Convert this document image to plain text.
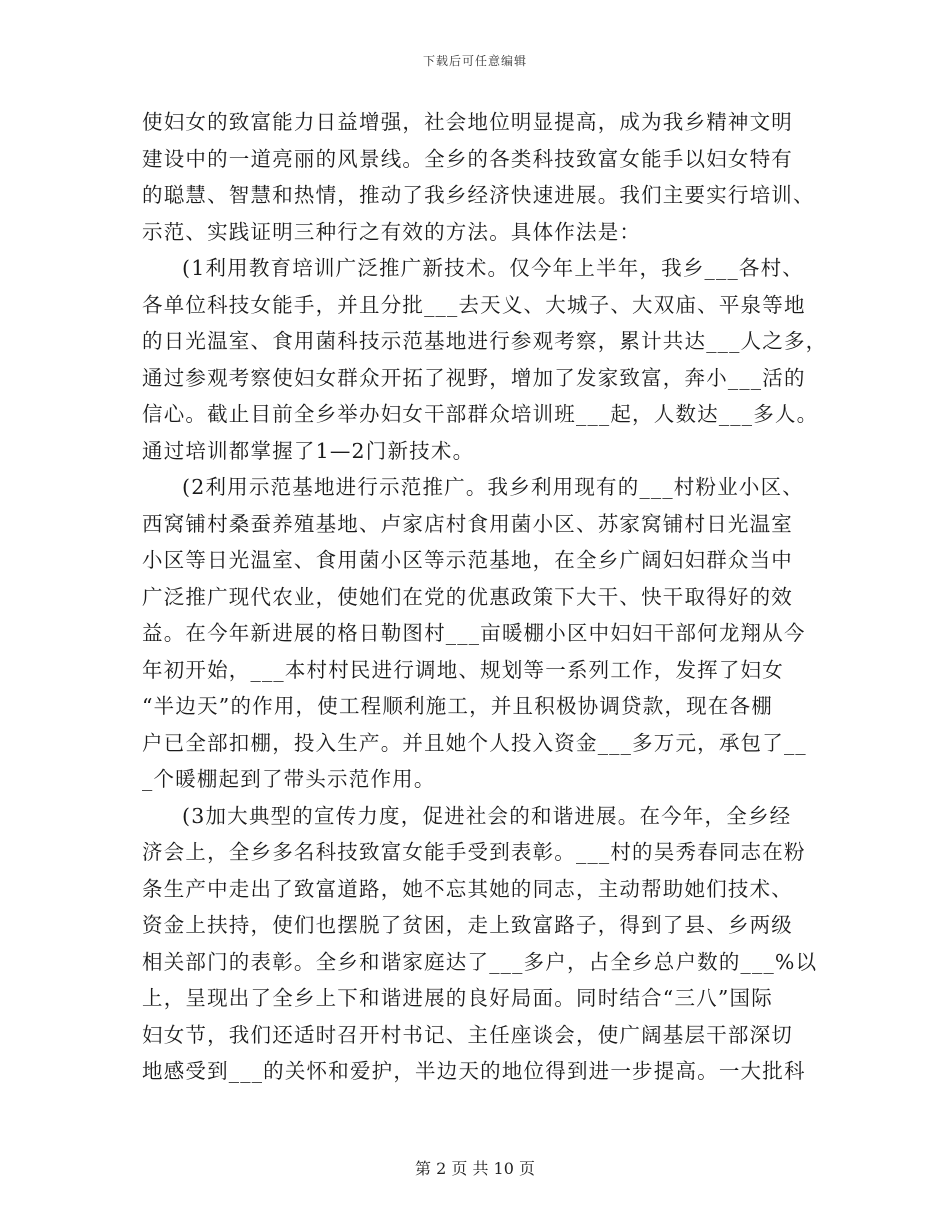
下载后可任意编辑
使妇女的致富能力日益增强，社会地位明显提高，成为我乡精神文明
建设中的一道亮丽的风景线。全乡的各类科技致富女能手以妇女特有
的聪慧、智慧和热情，推动了我乡经济快速进展。我们主要实行培训、
示范、实践证明三种行之有效的方法。具体作法是：
(1利用教育培训广泛推广新技术。仅今年上半年，我乡___各村、
各单位科技女能手，并且分批___去天义、大城子、大双庙、平泉等地
的日光温室、食用菌科技示范基地进行参观考察，累计共达___人之多，
通过参观考察使妇女群众开拓了视野，增加了发家致富，奔小___活的
信心。截止目前全乡举办妇女干部群众培训班___起，人数达___多人。
通过培训都掌握了1—2门新技术。
(2利用示范基地进行示范推广。我乡利用现有的___村粉业小区、
西窝铺村桑蚕养殖基地、卢家店村食用菌小区、苏家窝铺村日光温室
小区等日光温室、食用菌小区等示范基地，在全乡广阔妇妇群众当中
广泛推广现代农业，使她们在党的优惠政策下大干、快干取得好的效
益。在今年新进展的格日勒图村___亩暖棚小区中妇妇干部何龙翔从今
年初开始，___本村村民进行调地、规划等一系列工作，发挥了妇女
“半边天”的作用，使工程顺利施工，并且积极协调贷款，现在各棚
户已全部扣棚，投入生产。并且她个人投入资金___多万元，承包了__
_个暖棚起到了带头示范作用。
(3加大典型的宣传力度，促进社会的和谐进展。在今年，全乡经
济会上，全乡多名科技致富女能手受到表彰。___村的吴秀春同志在粉
条生产中走出了致富道路，她不忘其她的同志，主动帮助她们技术、
资金上扶持，使们也摆脱了贫困，走上致富路子，得到了县、乡两级
相关部门的表彰。全乡和谐家庭达了___多户，占全乡总户数的___%以
上，呈现出了全乡上下和谐进展的良好局面。同时结合“三八”国际
妇女节，我们还适时召开村书记、主任座谈会，使广阔基层干部深切
地感受到___的关怀和爱护，半边天的地位得到进一步提高。一大批科
第 2 页 共 10 页
